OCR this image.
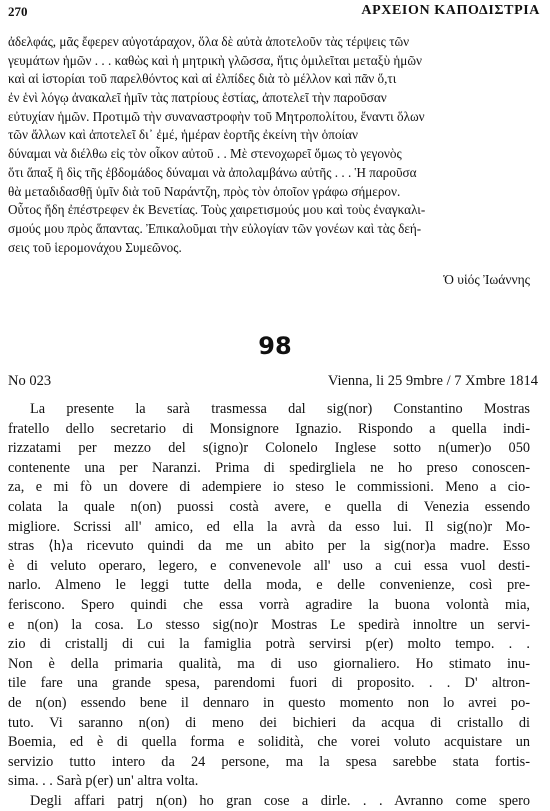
270	ΑΡΧΕΙΟΝ ΚΑΠΟΔΙΣΤΡΙΑ
ἀδελφάς, μᾶς ἔφερεν αὐγοτάραχον, ὅλα δὲ αὐτὰ ἀποτελοῦν τὰς τέρψεις τῶν
γευμάτων ἡμῶν . . . καθὼς καὶ ἡ μητρικὴ γλῶσσα, ἥτις ὁμιλεῖται μεταξὺ ἡμῶν
καὶ αἱ ἱστορίαι τοῦ παρελθόντος καὶ αἱ ἐλπίδες διὰ τὸ μέλλον καὶ πᾶν ὅ,τι
ἐν ἑνὶ λόγῳ ἀνακαλεῖ ἡμῖν τὰς πατρίους ἑστίας, ἀποτελεῖ τὴν παροῦσαν
εὐτυχίαν ἡμῶν. Προτιμῶ τὴν συναναστροφὴν τοῦ Μητροπολίτου, ἔναντι ὅλων
τῶν ἄλλων καὶ ἀποτελεῖ δι᾽ ἐμέ, ἡμέραν ἑορτῆς ἐκείνη τὴν ὁποίαν
δύναμαι νὰ διέλθω εἰς τὸν οἶκον αὐτοῦ . . Μὲ στενοχωρεῖ ὅμως τὸ γεγονὸς
ὅτι ἅπαξ ἢ δὶς τῆς ἑβδομάδος δύναμαι νὰ ἀπολαμβάνω αὐτῆς . . . Ἡ παροῦσα
θὰ μεταδιδασθῇ ὑμῖν διὰ τοῦ Ναράντζη, πρὸς τὸν ὁποῖον γράφω σήμερον.
Οὗτος ἤδη ἐπέστρεφεν ἐκ Βενετίας. Τοὺς χαιρετισμούς μου καὶ τοὺς ἐναγκαλι-
σμούς μου πρὸς ἅπαντας. Ἐπικαλοῦμαι τὴν εὐλογίαν τῶν γονέων καὶ τὰς δεή-
σεις τοῦ ἱερομονάχου Συμεῶνος.
Ὁ υἱός Ἰωάννης
98
No 023	Vienna, li 25 9mbre / 7 Xmbre 1814
La presente la sarà trasmessa dal sig(nor) Constantino Mostras
fratello dello secretario di Monsignore Ignazio. Rispondo a quella indi-
rizzatami per mezzo del s(igno)r Colonelo Inglese sotto n(umer)o 050
contenente una per Naranzi. Prima di spedirgliela ne ho preso conoscen-
za, e mi fò un dovere di adempiere io steso le commissioni. Meno a cio-
colata la quale n(on) puossi costà avere, e quella di Venezia essendo
migliore. Scrissi all' amico, ed ella la avrà da esso lui. Il sig(no)r Mo-
stras ⟨h⟩a ricevuto quindi da me un abito per la sig(nor)a madre. Esso
è di veluto operaro, legero, e convenevole all' uso a cui essa vuol desti-
narlo. Almeno le leggi tutte della moda, e delle convenienze, così pre-
feriscono. Spero quindi che essa vorrà agradire la buona volontà mia,
e n(on) la cosa. Lo stesso sig(no)r Mostras Le spedirà innoltre un servi-
zio di cristallj di cui la famiglia potrà servirsi p(er) molto tempo. . .
Non è della primaria qualità, ma di uso giornaliero. Ho stimato inu-
tile fare una grande spesa, parendomi fuori di proposito. . . D' altron-
de n(on) essendo bene il dennaro in questo momento non lo avrei po-
tuto. Vi saranno n(on) di meno dei bichieri da acqua di cristallo di
Boemia, ed è di quella forma e solidità, che vorei voluto acquistare un
servizio tutto intero da 24 persone, ma la spesa sarebbe stata fortis-
sima. . . Sarà p(er) un' altra volta.
Degli affari patrj n(on) ho gran cose a dirle. . . Avranno come spero
